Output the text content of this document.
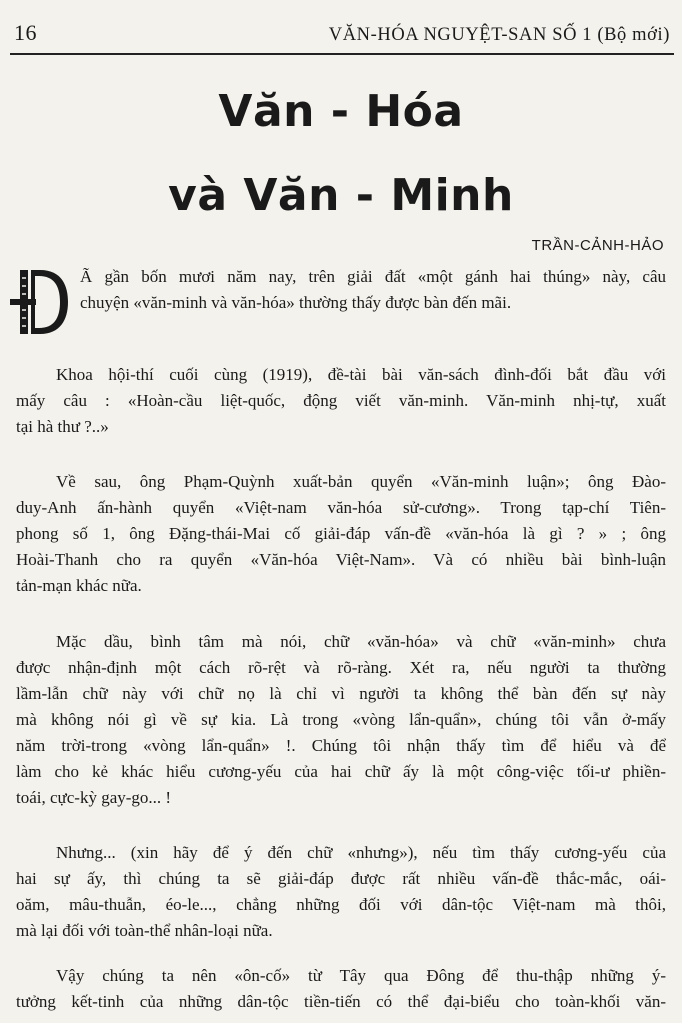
16	VĂN-HÓA NGUYỆT-SAN SỐ 1 (Bộ mới)
Văn - Hóa
và Văn - Minh
TRẦN-CẢNH-HẢO
Ã gần bốn mươi năm nay, trên giải đất «một gánh hai thúng» này, câu
chuyện «văn-minh và văn-hóa» thường thấy được bàn đến mãi.
Khoa hội-thí cuối cùng (1919), đề-tài bài văn-sách đình-đối bắt đầu với
mấy câu : «Hoàn-cầu liệt-quốc, động viết văn-minh. Văn-minh nhị-tự, xuất
tại hà thư ?..»
Về sau, ông Phạm-Quỳnh xuất-bản quyển «Văn-minh luận»; ông Đào-
duy-Anh ấn-hành quyển «Việt-nam văn-hóa sử-cương». Trong tạp-chí Tiên-
phong số 1, ông Đặng-thái-Mai cố giải-đáp vấn-đề «văn-hóa là gì ? » ; ông
Hoài-Thanh cho ra quyển «Văn-hóa Việt-Nam». Và có nhiều bài bình-luận
tản-mạn khác nữa.
Mặc dầu, bình tâm mà nói, chữ «văn-hóa» và chữ «văn-minh» chưa
được nhận-định một cách rõ-rệt và rõ-ràng. Xét ra, nếu người ta thường
lầm-lẫn chữ này với chữ nọ là chỉ vì người ta không thể bàn đến sự này
mà không nói gì về sự kia. Là trong «vòng lẩn-quẩn», chúng tôi vẫn ở-mấy
năm trời-trong «vòng lẩn-quẩn» !. Chúng tôi nhận thấy tìm để hiểu và để
làm cho kẻ khác hiểu cương-yếu của hai chữ ấy là một công-việc tối-ư phiền-
toái, cực-kỳ gay-go... !
Nhưng... (xin hãy để ý đến chữ «nhưng»), nếu tìm thấy cương-yếu của
hai sự ấy, thì chúng ta sẽ giải-đáp được rất nhiều vấn-đề thắc-mắc, oái-
oăm, mâu-thuẫn, éo-le..., chẳng những đối với dân-tộc Việt-nam mà thôi,
mà lại đối với toàn-thể nhân-loại nữa.
Vậy chúng ta nên «ôn-cố» từ Tây qua Đông để thu-thập những ý-
tưởng kết-tinh của những dân-tộc tiền-tiến có thể đại-biểu cho toàn-khối văn-
